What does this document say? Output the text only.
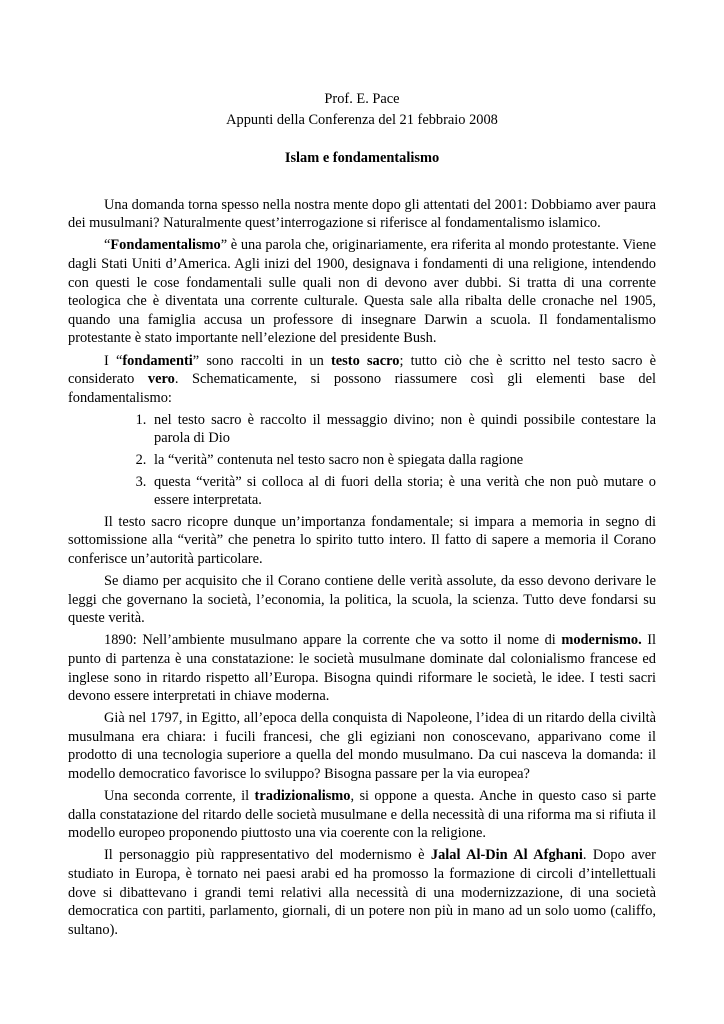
Prof. E. Pace
Appunti della Conferenza del 21 febbraio 2008
Islam e fondamentalismo

Una domanda torna spesso nella nostra mente dopo gli attentati del 2001: Dobbiamo aver paura dei musulmani? Naturalmente quest’interrogazione si riferisce al fondamentalismo islamico.

“Fondamentalismo” è una parola che, originariamente, era riferita al mondo protestante. Viene dagli Stati Uniti d’America. Agli inizi del 1900, designava i fondamenti di una religione, intendendo con questi le cose fondamentali sulle quali non di devono aver dubbi. Si tratta di una corrente teologica che è diventata una corrente culturale. Questa sale alla ribalta delle cronache nel 1905, quando una famiglia accusa un professore di insegnare Darwin a scuola. Il fondamentalismo protestante è stato importante nell’elezione del presidente Bush.

I “fondamenti” sono raccolti in un testo sacro; tutto ciò che è scritto nel testo sacro è considerato vero. Schematicamente, si possono riassumere così gli elementi base del fondamentalismo:

1. nel testo sacro è raccolto il messaggio divino; non è quindi possibile contestare la parola di Dio
2. la “verità” contenuta nel testo sacro non è spiegata dalla ragione
3. questa “verità” si colloca al di fuori della storia; è una verità che non può mutare o essere interpretata.

Il testo sacro ricopre dunque un’importanza fondamentale; si impara a memoria in segno di sottomissione alla “verità” che penetra lo spirito tutto intero. Il fatto di sapere a memoria il Corano conferisce un’autorità particolare.

Se diamo per acquisito che il Corano contiene delle verità assolute, da esso devono derivare le leggi che governano la società, l’economia, la politica, la scuola, la scienza. Tutto deve fondarsi su queste verità.

1890: Nell’ambiente musulmano appare la corrente che va sotto il nome di modernismo. Il punto di partenza è una constatazione: le società musulmane dominate dal colonialismo francese ed inglese sono in ritardo rispetto all’Europa. Bisogna quindi riformare le società, le idee. I testi sacri devono essere interpretati in chiave moderna.

Già nel 1797, in Egitto, all’epoca della conquista di Napoleone, l’idea di un ritardo della civiltà musulmana era chiara: i fucili francesi, che gli egiziani non conoscevano, apparivano come il prodotto di una tecnologia superiore a quella del mondo musulmano. Da cui nasceva la domanda: il modello democratico favorisce lo sviluppo? Bisogna passare per la via europea?

Una seconda corrente, il tradizionalismo, si oppone a questa. Anche in questo caso si parte dalla constatazione del ritardo delle società musulmane e della necessità di una riforma ma si rifiuta il modello europeo proponendo piuttosto una via coerente con la religione.

Il personaggio più rappresentativo del modernismo è Jalal Al-Din Al Afghani. Dopo aver studiato in Europa, è tornato nei paesi arabi ed ha promosso la formazione di circoli d’intellettuali dove si dibattevano i grandi temi relativi alla necessità di una modernizzazione, di una società democratica con partiti, parlamento, giornali, di un potere non più in mano ad un solo uomo (califfo, sultano).
